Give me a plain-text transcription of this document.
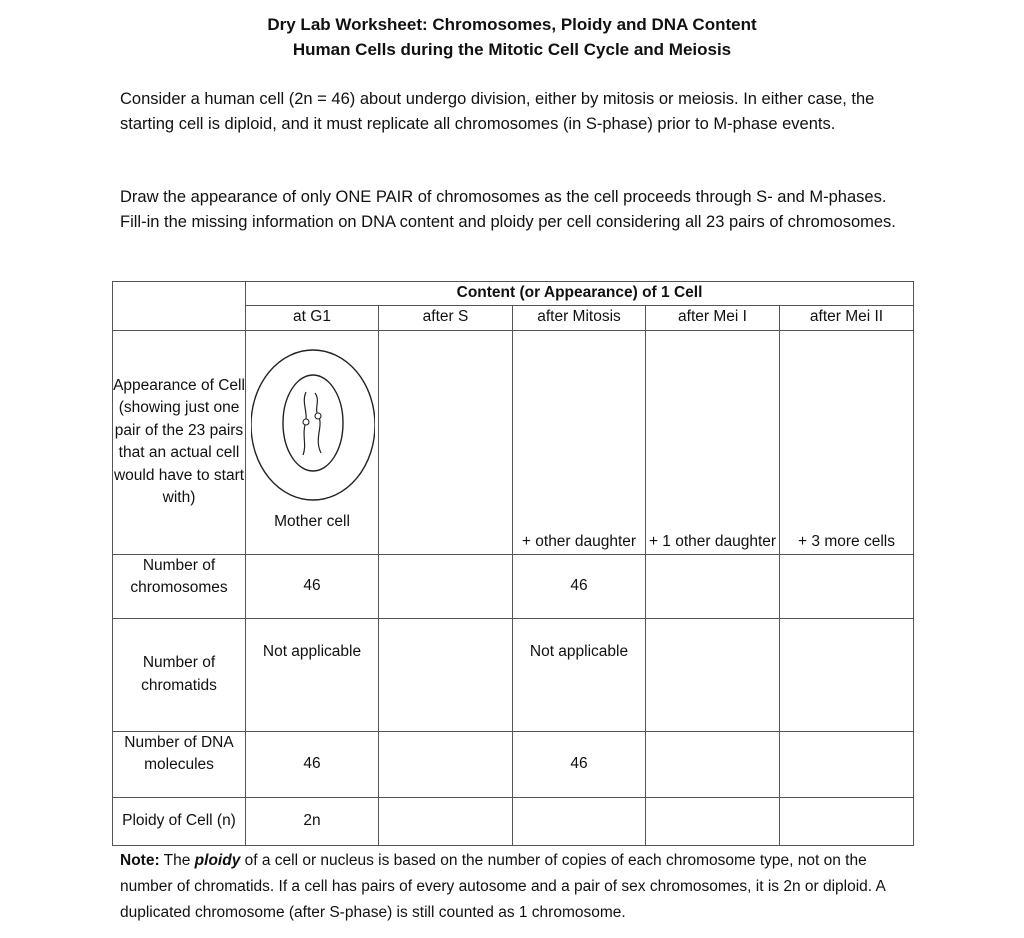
Dry Lab Worksheet: Chromosomes, Ploidy and DNA Content
Human Cells during the Mitotic Cell Cycle and Meiosis
Consider a human cell (2n = 46) about undergo division, either by mitosis or meiosis. In either case, the starting cell is diploid, and it must replicate all chromosomes (in S-phase) prior to M-phase events.
Draw the appearance of only ONE PAIR of chromosomes as the cell proceeds through S- and M-phases. Fill-in the missing information on DNA content and ploidy per cell considering all 23 pairs of chromosomes.
	Content (or Appearance) of 1 Cell				
	at G1	after S	after Mitosis	after Mei I	after Mei II
Appearance of Cell (showing just one pair of the 23 pairs that an actual cell would have to start with)	Mother cell		+ other daughter	+ 1 other daughter	+ 3 more cells
Number of chromosomes	46		46		
Number of chromatids	Not applicable		Not applicable		
Number of DNA molecules	46		46		
Ploidy of Cell (n)	2n				
Note: The ploidy of a cell or nucleus is based on the number of copies of each chromosome type, not on the number of chromatids. If a cell has pairs of every autosome and a pair of sex chromosomes, it is 2n or diploid. A duplicated chromosome (after S-phase) is still counted as 1 chromosome.
